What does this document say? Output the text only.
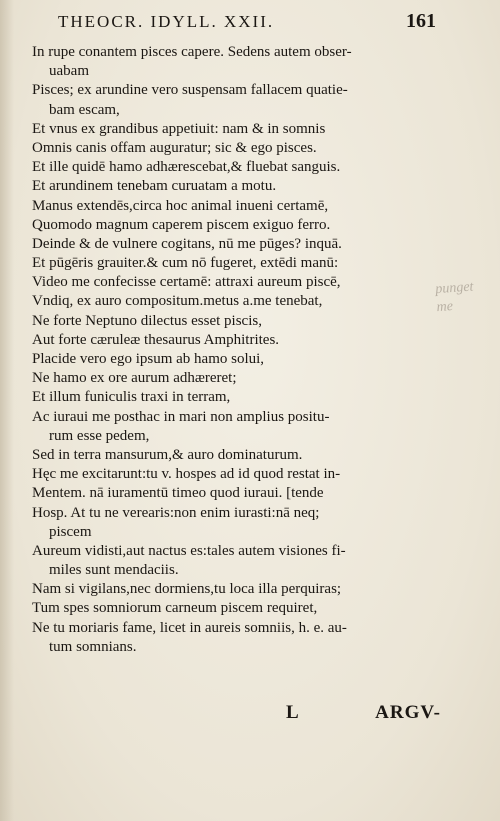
THEOCR. IDYLL. XXII.	161
In rupe conantem pisces capere. Sedens autem obser-
uabam
Pisces; ex arundine vero suspensam fallacem quatie-
bam escam,
Et vnus ex grandibus appetiuit: nam & in somnis
Omnis canis offam auguratur; sic & ego pisces.
Et ille quidē hamo adhærescebat,& fluebat sanguis.
Et arundinem tenebam curuatam a motu.
Manus extendēs,circa hoc animal inueni certamē,
Quomodo magnum caperem piscem exiguo ferro.
Deinde & de vulnere cogitans, nū me pūges? inquā.
Et pūgēris grauiter.& cum nō fugeret, extēdi manū:
Video me confecisse certamē: attraxi aureum piscē,
Vndiq, ex auro compositum.metus a.me tenebat,
Ne forte Neptuno dilectus esset piscis,
Aut forte cæruleæ thesaurus Amphitrites.
Placide vero ego ipsum ab hamo solui,
Ne hamo ex ore aurum adhæreret;
Et illum funiculis traxi in terram,
Ac iuraui me posthac in mari non amplius positu-
rum esse pedem,
Sed in terra mansurum,& auro dominaturum.
Hęc me excitarunt:tu v. hospes ad id quod restat in-
Mentem. nā iuramentū timeo quod iuraui. [tende
Hosp. At tu ne verearis:non enim iurasti:nā neq;
piscem
Aureum vidisti,aut nactus es:tales autem visiones fi-
miles sunt mendaciis.
Nam si vigilans,nec dormiens,tu loca illa perquiras;
Tum spes somniorum carneum piscem requiret,
Ne tu moriaris fame, licet in aureis somniis, h. e. au-
tum somnians.
punget
me
L	ARGV-
